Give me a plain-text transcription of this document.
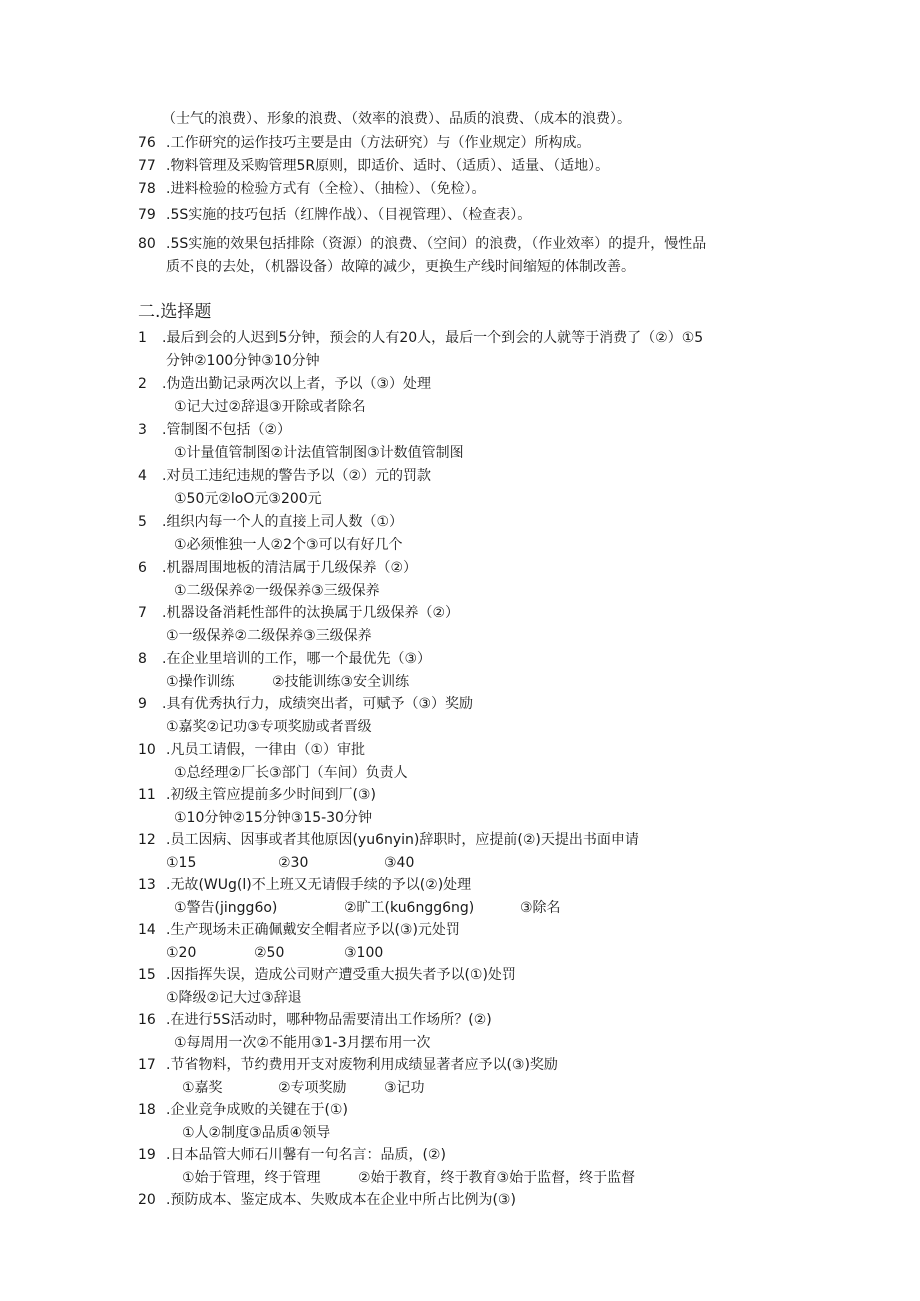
（士气的浪费）、形象的浪费、（效率的浪费）、品质的浪费、（成本的浪费）。
76 .工作研究的运作技巧主要是由（方法研究）与（作业规定）所构成。
77 .物料管理及采购管理5R原则，即适价、适时、（适质）、适量、（适地）。
78 .进料检验的检验方式有（全检）、（抽检）、（免检）。
79 .5S实施的技巧包括（红牌作战）、（目视管理）、（检查表）。
80 .5S实施的效果包括排除（资源）的浪费、（空间）的浪费，（作业效率）的提升，慢性品
质不良的去处，（机器设备）故障的减少，更换生产线时间缩短的体制改善。
二.选择题
1 .最后到会的人迟到5分钟，预会的人有20人，最后一个到会的人就等于消费了（②）①5
分钟②100分钟③10分钟
2 .伪造出勤记录两次以上者，予以（③）处理
①记大过②辞退③开除或者除名
3 .管制图不包括（②）
①计量值管制图②计法值管制图③计数值管制图
4 .对员工违纪违规的警告予以（②）元的罚款
①50元②loO元③200元
5 .组织内每一个人的直接上司人数（①）
①必须惟独一人②2个③可以有好几个
6 .机器周围地板的清洁属于几级保养（②）
①二级保养②一级保养③三级保养
7 .机器设备消耗性部件的汰换属于几级保养（②）
①一级保养②二级保养③三级保养
8 .在企业里培训的工作，哪一个最优先（③）
①操作训练	②技能训练③安全训练
9 .具有优秀执行力，成绩突出者，可赋予（③）奖励
①嘉奖②记功③专项奖励或者晋级
10 .凡员工请假，一律由（①）审批
①总经理②厂长③部门（车间）负责人
11 .初级主管应提前多少时间到厂(③)
①10分钟②15分钟③15-30分钟
12 .员工因病、因事或者其他原因(yu6nyin)辞职时，应提前(②)天提出书面申请
①15	②30	③40
13 .无故(WUg(l)不上班又无请假手续的予以(②)处理
①警告(jingg6o)	②旷工(ku6ngg6ng)	③除名
14 .生产现场未正确佩戴安全帽者应予以(③)元处罚
①20	②50	③100
15 .因指挥失误，造成公司财产遭受重大损失者予以(①)处罚
①降级②记大过③辞退
16 .在进行5S活动时，哪种物品需要清出工作场所？(②)
①每周用一次②不能用③1-3月摆布用一次
17 .节省物料，节约费用开支对废物利用成绩显著者应予以(③)奖励
①嘉奖	②专项奖励	③记功
18 .企业竞争成败的关键在于(①)
①人②制度③品质④领导
19 .日本品管大师石川馨有一句名言：品质，(②)
①始于管理，终于管理	②始于教育，终于教育③始于监督，终于监督
20 .预防成本、鉴定成本、失败成本在企业中所占比例为(③)
